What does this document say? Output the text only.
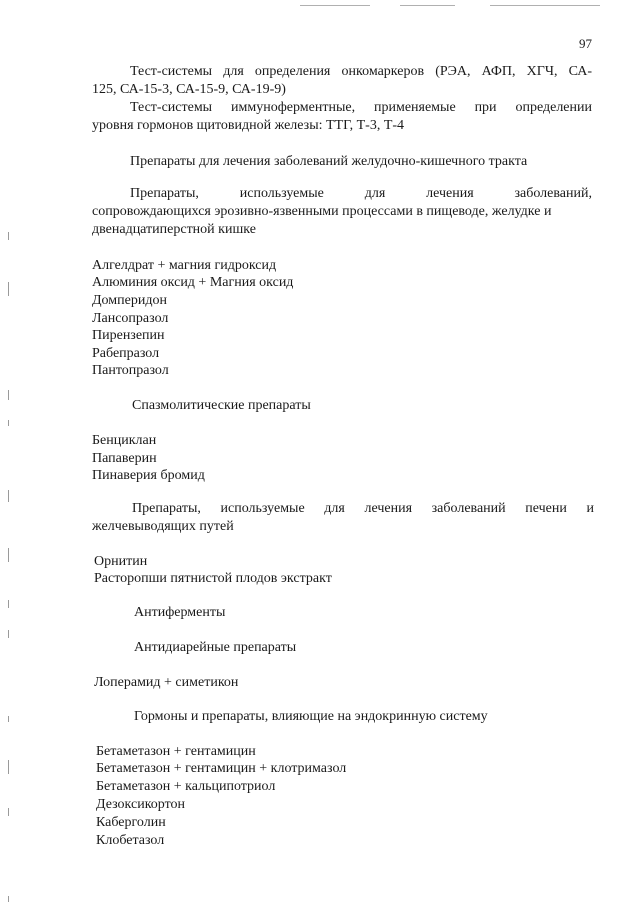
97
Тест-системы для определения онкомаркеров (РЭА, АФП, ХГЧ, СА-
125, СА-15-3, СА-15-9, СА-19-9)
Тест-системы иммуноферментные, применяемые при определении
уровня гормонов щитовидной железы: ТТГ, Т-3, Т-4
Препараты для лечения заболеваний желудочно-кишечного тракта
Препараты, используемые для лечения заболеваний,
сопровождающихся эрозивно-язвенными процессами в пищеводе, желудке и
двенадцатиперстной кишке
Алгелдрат + магния гидроксид
Алюминия оксид + Магния оксид
Домперидон
Лансопразол
Пирензепин
Рабепразол
Пантопразол
Спазмолитические препараты
Бенциклан
Папаверин
Пинаверия бромид
Препараты, используемые для лечения заболеваний печени и
желчевыводящих путей
Орнитин
Расторопши пятнистой плодов экстракт
Антиферменты
Антидиарейные препараты
Лоперамид + симетикон
Гормоны и препараты, влияющие на эндокринную систему
Бетаметазон + гентамицин
Бетаметазон + гентамицин + клотримазол
Бетаметазон + кальципотриол
Дезоксикортон
Каберголин
Клобетазол
